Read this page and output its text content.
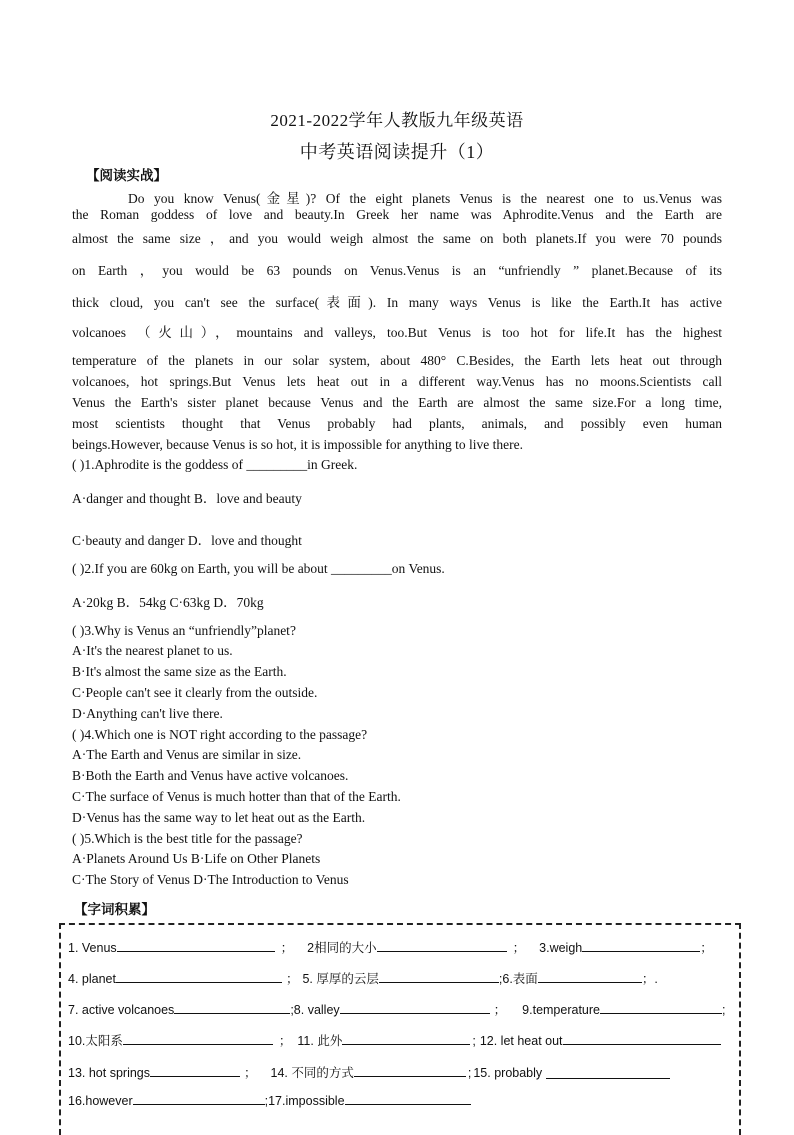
2021-2022学年人教版九年级英语
中考英语阅读提升（1）
【阅读实战】
Do you know Venus(金星)? Of the eight planets Venus is the nearest one to us.Venus was
the Roman goddess of love and beauty.In Greek her name was Aphrodite.Venus and the Earth are
almost the same size ，and you would weigh almost the same on both planets.If you were 70 pounds
on Earth ，you would be 63 pounds on Venus.Venus is an “unfriendly ” planet.Because of its
thick cloud, you can't see the surface(表面). In many ways Venus is like the Earth.It has active
volcanoes （火山），mountains and valleys, too.But Venus is too hot for life.It has the highest
temperature of the planets in our solar system, about 480° C.Besides, the Earth lets heat out through
volcanoes, hot springs.But Venus lets heat out in a different way.Venus has no moons.Scientists call
Venus the Earth's sister planet because Venus and the Earth are almost the same size.For a long time,
most scientists thought that Venus probably had plants, animals, and possibly even human
beings.However, because Venus is so hot, it is impossible for anything to live there.
( )1.Aphrodite is the goddess of _________in Greek.
A·danger and thought B．love and beauty
C·beauty and danger D．love and thought
( )2.If you are 60kg on Earth, you will be about _________on Venus.
A·20kg B．54kg C·63kg D．70kg
( )3.Why is Venus an “unfriendly”planet?
A·It's the nearest planet to us.
B·It's almost the same size as the Earth.
C·People can't see it clearly from the outside.
D·Anything can't live there.
( )4.Which one is NOT right according to the passage?
A·The Earth and Venus are similar in size.
B·Both the Earth and Venus have active volcanoes.
C·The surface of Venus is much hotter than that of the Earth.
D·Venus has the same way to let heat out as the Earth.
( )5.Which is the best title for the passage?
A·Planets Around Us B·Life on Other Planets
C·The Story of Venus D·The Introduction to Venus
【字词积累】
1. Venus	； 2相同的大小	； 3.weigh	；
4. planet	； 5. 厚厚的云层	;6.表面	；.
7. active volcanoes	;8. valley	； 9.temperature	;
10.太阳系	； 11. 此外	; 12. let heat out
13. hot springs	； 14. 不同的方式	; 15. probably
16.however	;17.impossible
